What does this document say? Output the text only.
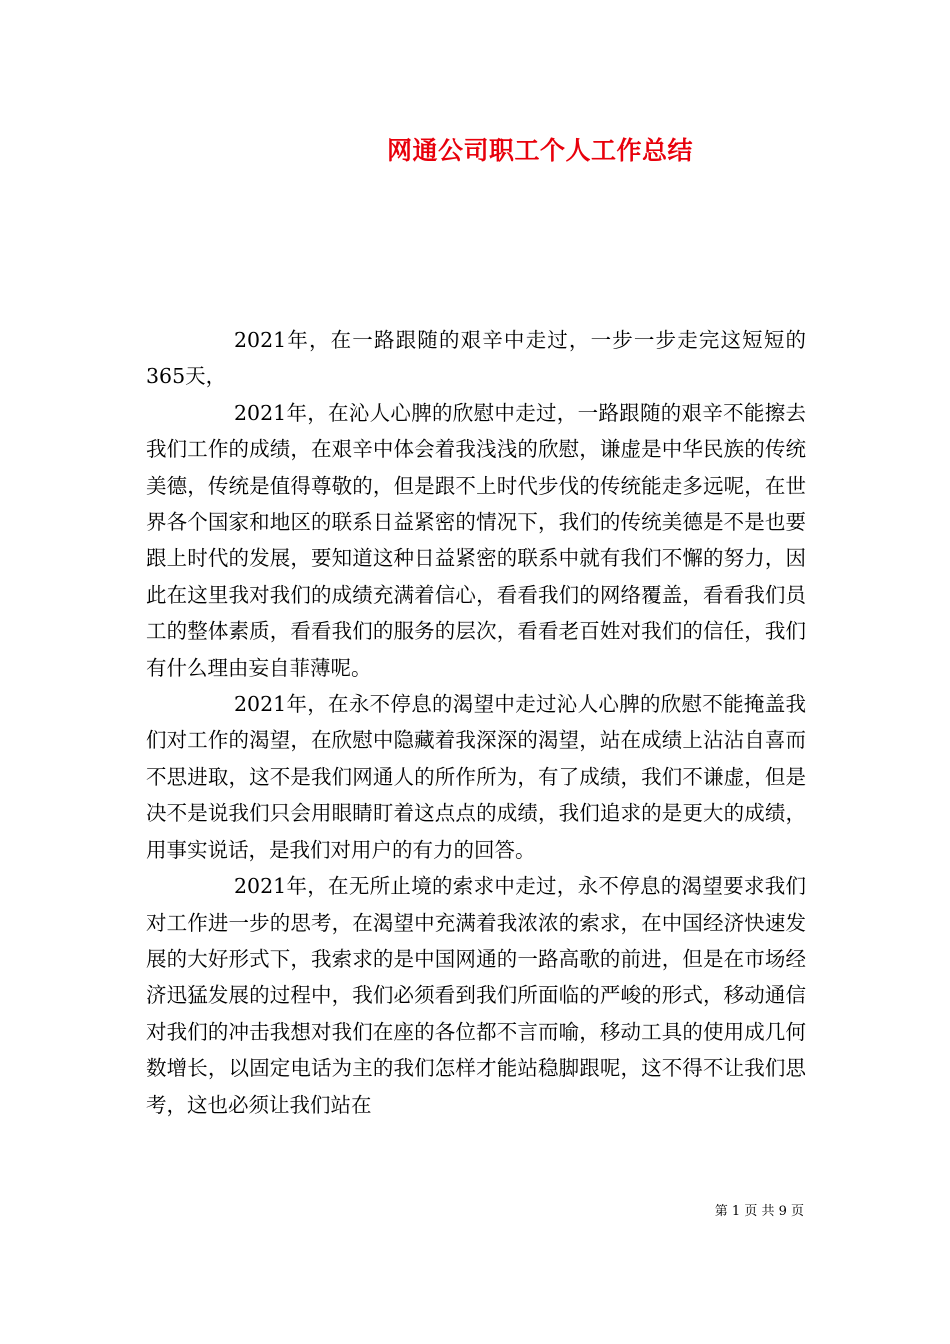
网通公司职工个人工作总结

2021年，在一路跟随的艰辛中走过，一步一步走完这短短的365天，

2021年，在沁人心脾的欣慰中走过，一路跟随的艰辛不能擦去我们工作的成绩，在艰辛中体会着我浅浅的欣慰，谦虚是中华民族的传统美德，传统是值得尊敬的，但是跟不上时代步伐的传统能走多远呢，在世界各个国家和地区的联系日益紧密的情况下，我们的传统美德是不是也要跟上时代的发展，要知道这种日益紧密的联系中就有我们不懈的努力，因此在这里我对我们的成绩充满着信心，看看我们的网络覆盖，看看我们员工的整体素质，看看我们的服务的层次，看看老百姓对我们的信任，我们有什么理由妄自菲薄呢。

2021年，在永不停息的渴望中走过沁人心脾的欣慰不能掩盖我们对工作的渴望，在欣慰中隐藏着我深深的渴望，站在成绩上沾沾自喜而不思进取，这不是我们网通人的所作所为，有了成绩，我们不谦虚，但是决不是说我们只会用眼睛盯着这点点的成绩，我们追求的是更大的成绩，用事实说话，是我们对用户的有力的回答。

2021年，在无所止境的索求中走过，永不停息的渴望要求我们对工作进一步的思考，在渴望中充满着我浓浓的索求，在中国经济快速发展的大好形式下，我索求的是中国网通的一路高歌的前进，但是在市场经济迅猛发展的过程中，我们必须看到我们所面临的严峻的形式，移动通信对我们的冲击我想对我们在座的各位都不言而喻，移动工具的使用成几何数增长，以固定电话为主的我们怎样才能站稳脚跟呢，这不得不让我们思考，这也必须让我们站在

第 1 页 共 9 页
